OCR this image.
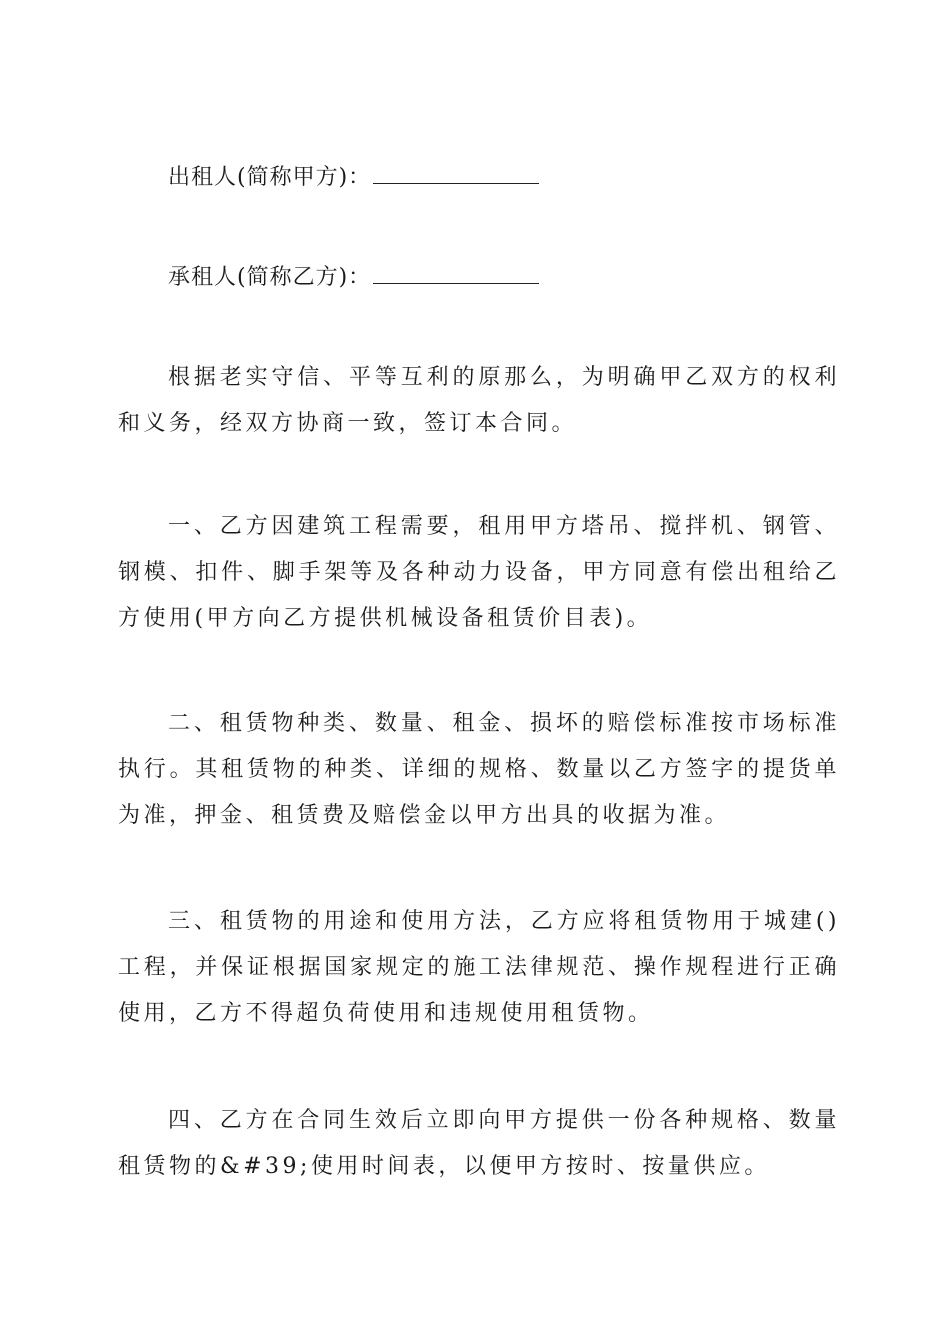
出租人(简称甲方)：
承租人(简称乙方)：

根据老实守信、平等互利的原那么，为明确甲乙双方的权利和义务，经双方协商一致，签订本合同。

一、乙方因建筑工程需要，租用甲方塔吊、搅拌机、钢管、钢模、扣件、脚手架等及各种动力设备，甲方同意有偿出租给乙方使用(甲方向乙方提供机械设备租赁价目表)。

二、租赁物种类、数量、租金、损坏的赔偿标准按市场标准执行。其租赁物的种类、详细的规格、数量以乙方签字的提货单为准，押金、租赁费及赔偿金以甲方出具的收据为准。

三、租赁物的用途和使用方法，乙方应将租赁物用于城建()工程，并保证根据国家规定的施工法律规范、操作规程进行正确使用，乙方不得超负荷使用和违规使用租赁物。

四、乙方在合同生效后立即向甲方提供一份各种规格、数量租赁物的&#39;使用时间表，以便甲方按时、按量供应。
